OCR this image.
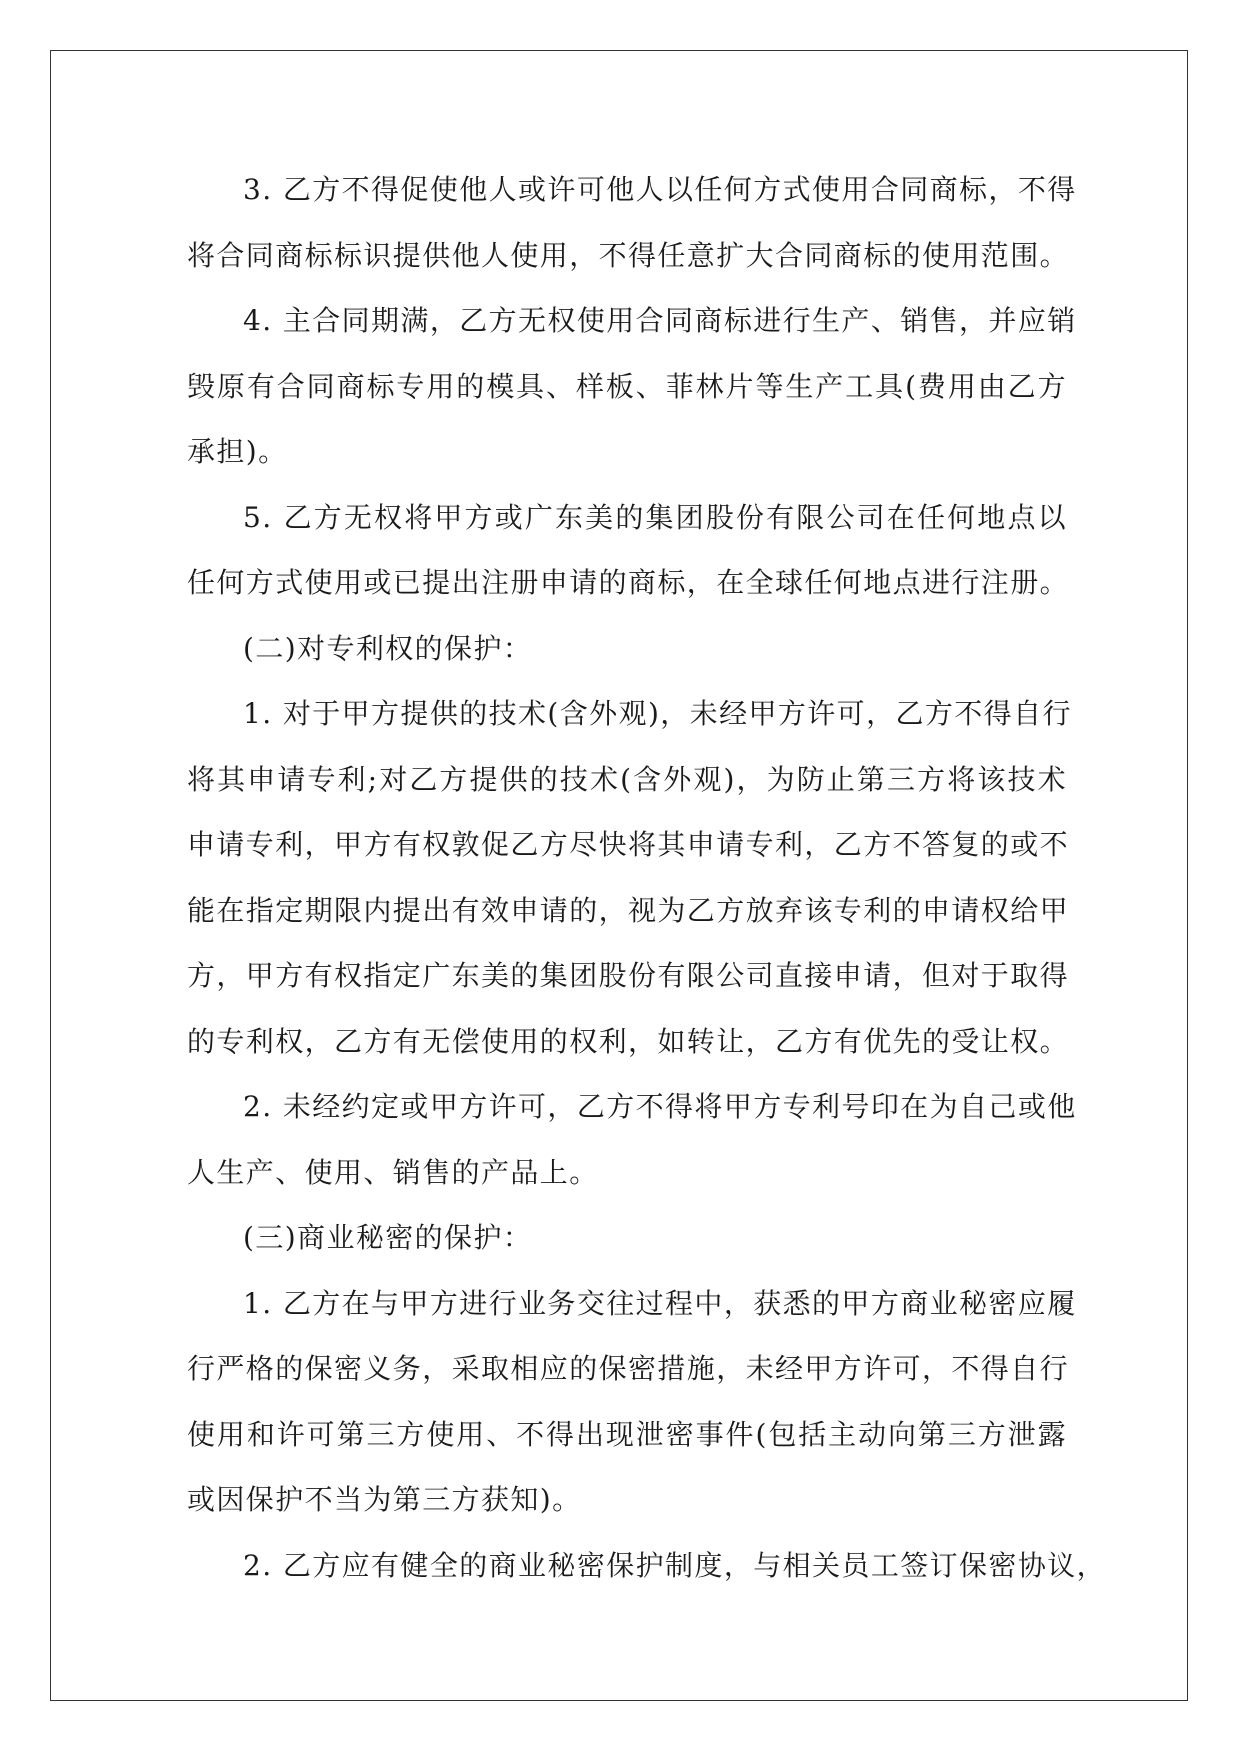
3. 乙方不得促使他人或许可他人以任何方式使用合同商标，不得
将合同商标标识提供他人使用，不得任意扩大合同商标的使用范围。
4. 主合同期满，乙方无权使用合同商标进行生产、销售，并应销
毁原有合同商标专用的模具、样板、菲林片等生产工具(费用由乙方
承担)。
5. 乙方无权将甲方或广东美的集团股份有限公司在任何地点以
任何方式使用或已提出注册申请的商标，在全球任何地点进行注册。
(二)对专利权的保护：
1. 对于甲方提供的技术(含外观)，未经甲方许可，乙方不得自行
将其申请专利;对乙方提供的技术(含外观)，为防止第三方将该技术
申请专利，甲方有权敦促乙方尽快将其申请专利，乙方不答复的或不
能在指定期限内提出有效申请的，视为乙方放弃该专利的申请权给甲
方，甲方有权指定广东美的集团股份有限公司直接申请，但对于取得
的专利权，乙方有无偿使用的权利，如转让，乙方有优先的受让权。
2. 未经约定或甲方许可，乙方不得将甲方专利号印在为自己或他
人生产、使用、销售的产品上。
(三)商业秘密的保护：
1. 乙方在与甲方进行业务交往过程中，获悉的甲方商业秘密应履
行严格的保密义务，采取相应的保密措施，未经甲方许可，不得自行
使用和许可第三方使用、不得出现泄密事件(包括主动向第三方泄露
或因保护不当为第三方获知)。
2. 乙方应有健全的商业秘密保护制度，与相关员工签订保密协议，
